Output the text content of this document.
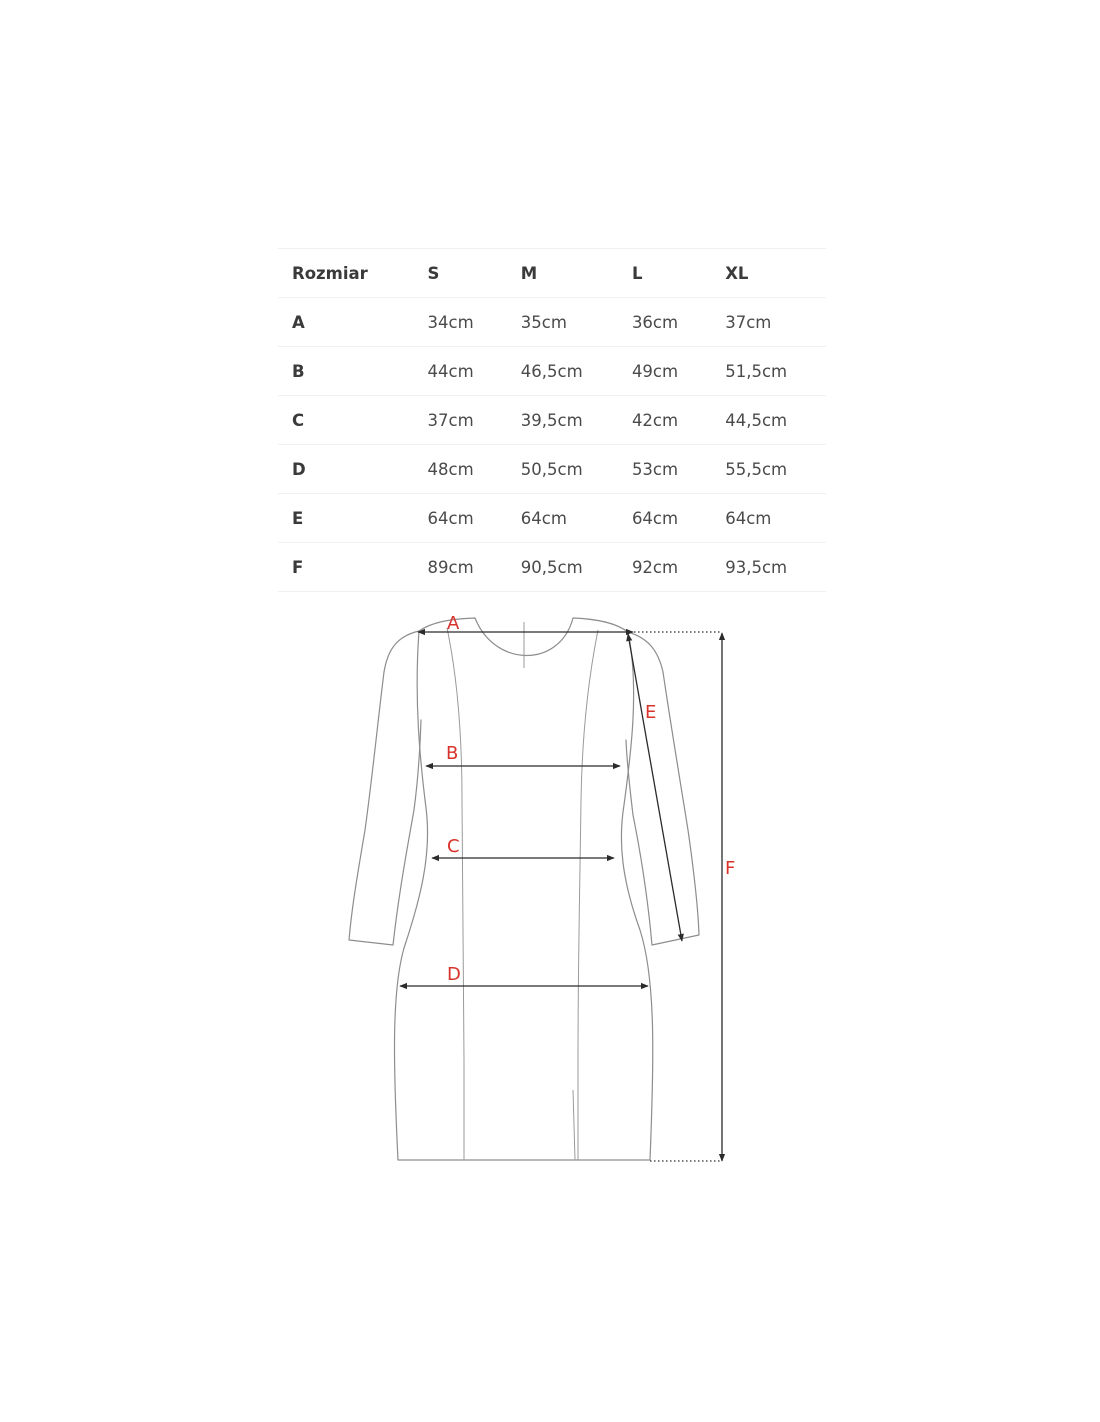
Rozmiar	S	M	L	XL
A	34cm	35cm	36cm	37cm
B	44cm	46,5cm	49cm	51,5cm
C	37cm	39,5cm	42cm	44,5cm
D	48cm	50,5cm	53cm	55,5cm
E	64cm	64cm	64cm	64cm
F	89cm	90,5cm	92cm	93,5cm
A
B
C
D
E
F
